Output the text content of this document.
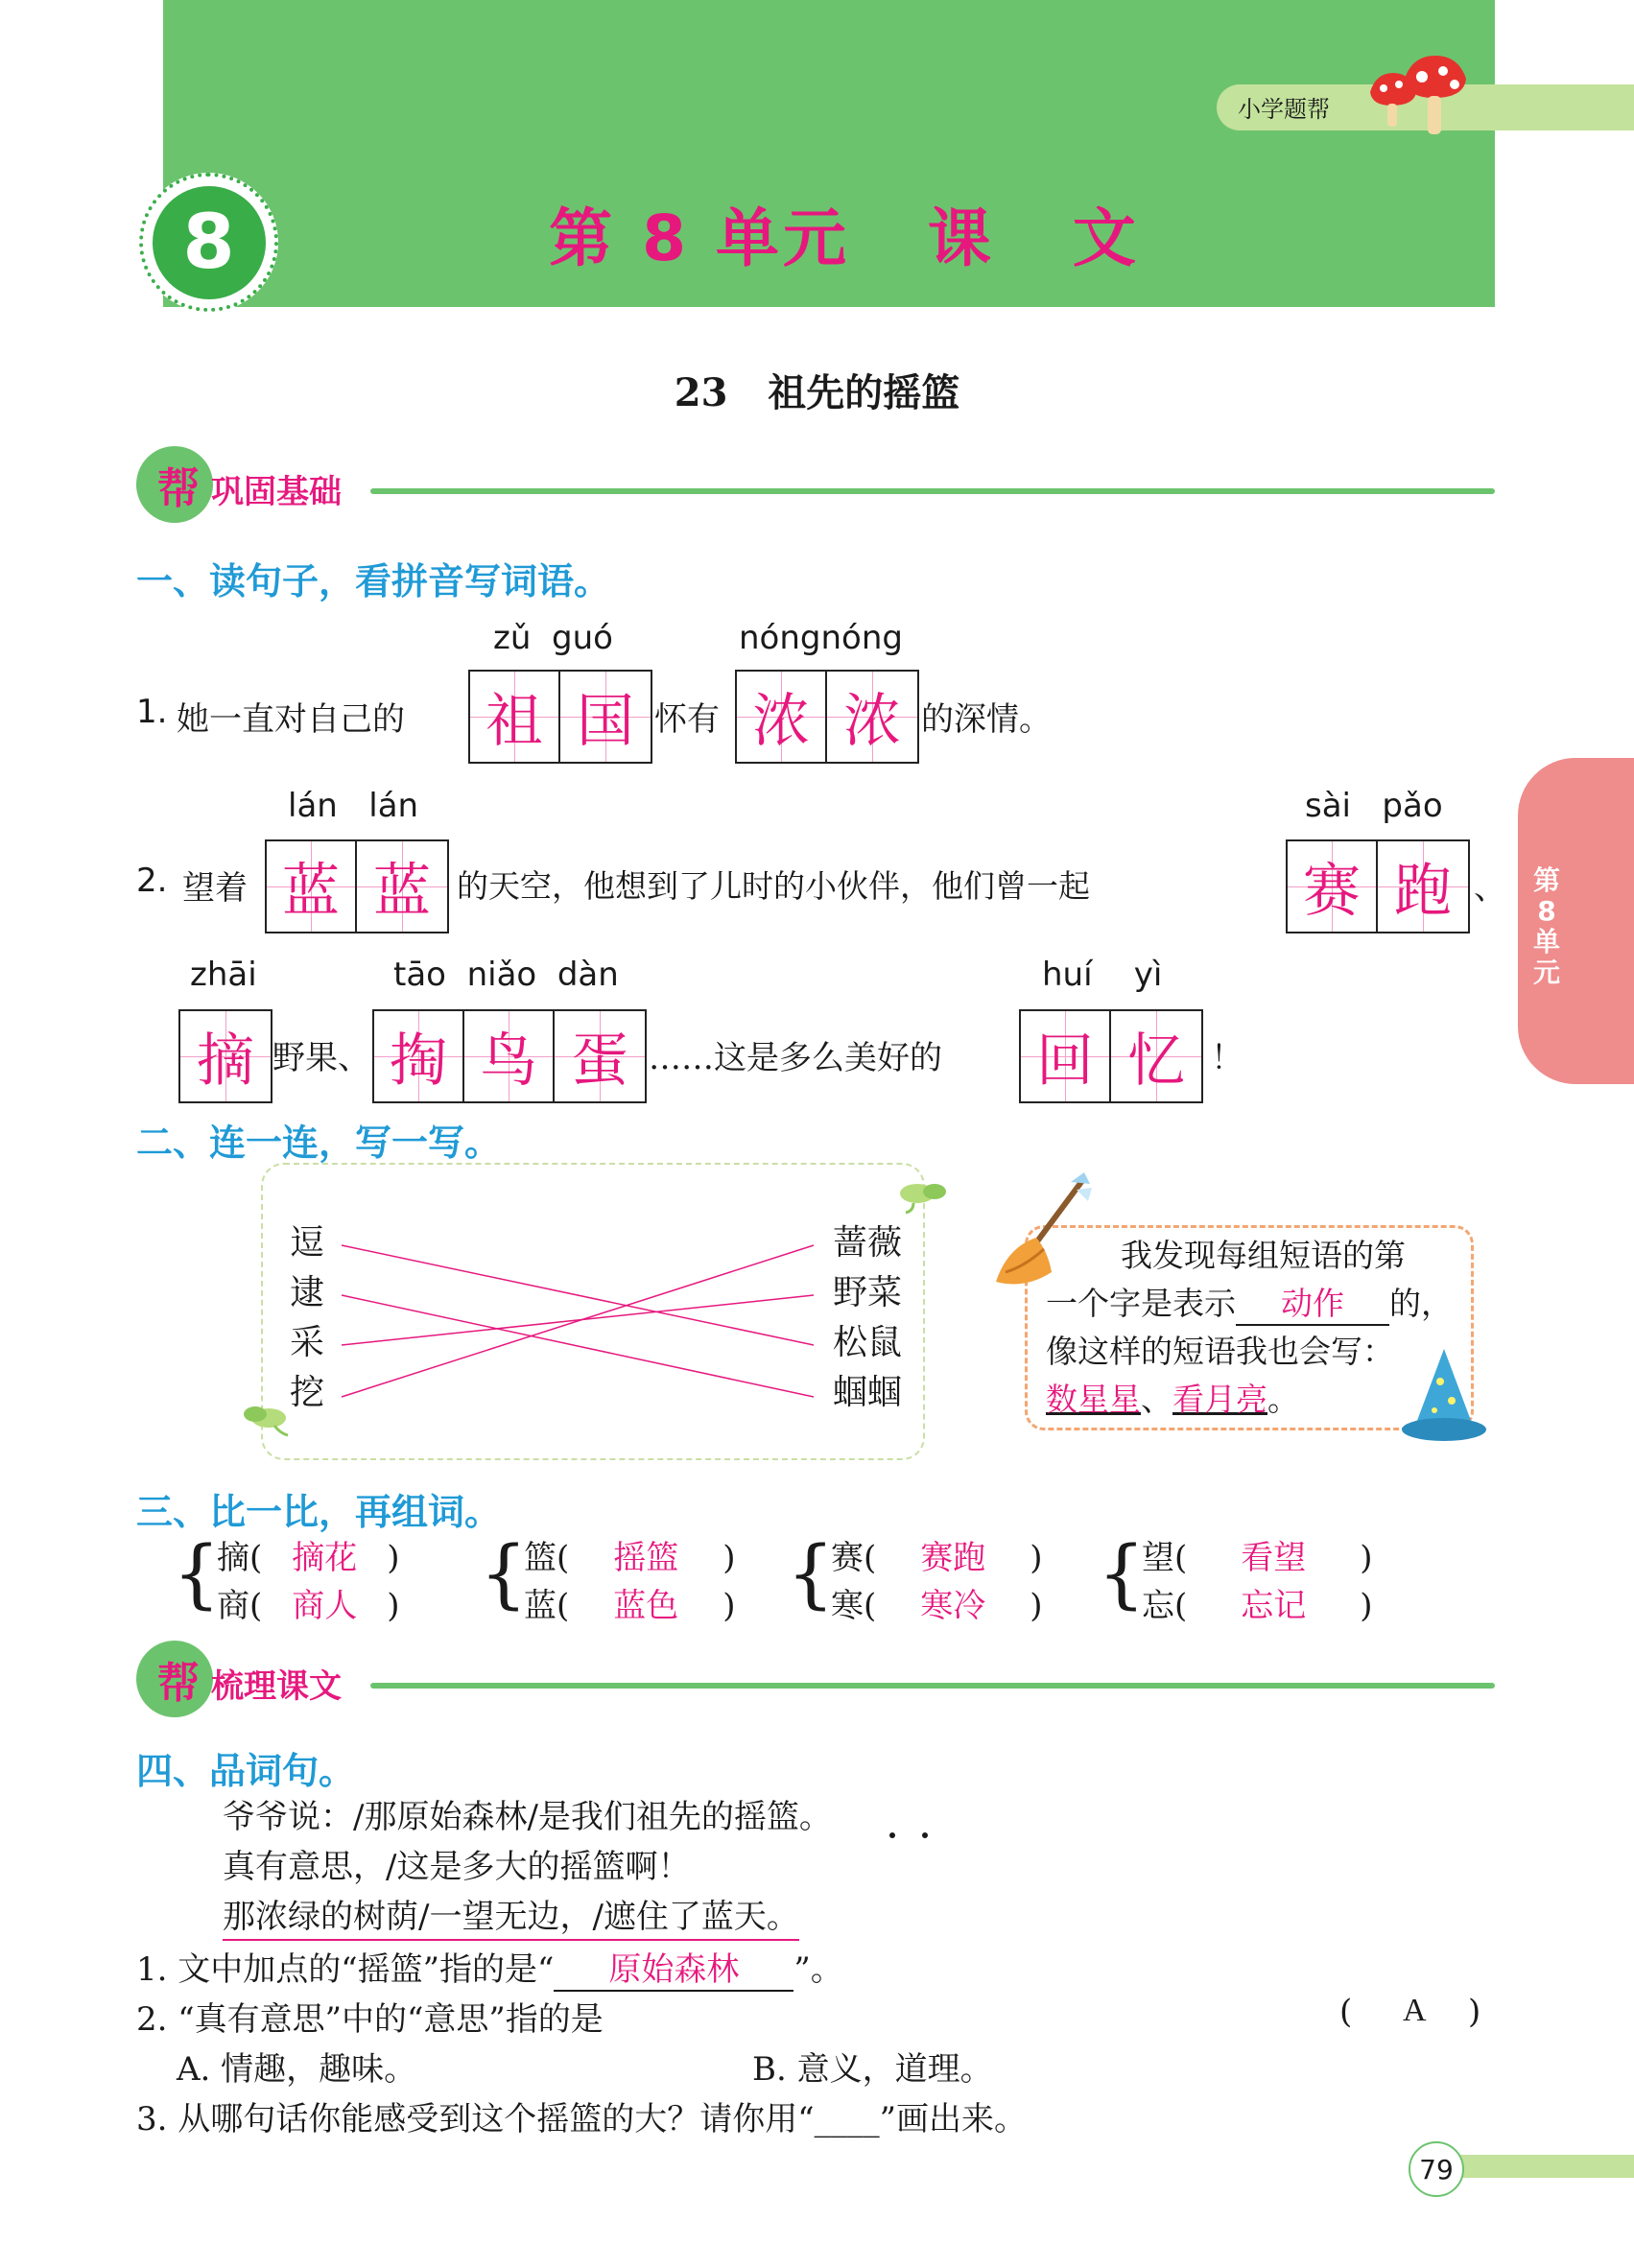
8	第 8 单元   课   文
小学题帮
23   祖先的摇篮
帮 巩固基础
一、读句子，看拼音写词语。
zǔ  guó	nóngnóng
1. 她一直对自己的 祖 国 怀有 浓 浓 的深情。
lán   lán	sài   pǎo
2. 望着 蓝 蓝 的天空，他想到了儿时的小伙伴，他们曾一起	赛 跑 、
zhāi	tāo  niǎo  dàn	huí    yì
摘 野果、 掏 鸟 蛋 ……这是多么美好的 回 忆 ！
二、连一连，写一写。
逗
逮
采
挖
蔷薇
野菜
松鼠
蝈蝈
我发现每组短语的第
一个字是表示 动作 的，
像这样的短语我也会写：
数星星、看月亮。
三、比一比，再组词。
{
摘( 摘花 )
商( 商人 ) {
篮( 摇篮 )
蓝( 蓝色 ) {
赛( 赛跑 )
寒( 寒冷 ) {
望( 看望 )
忘( 忘记 )
帮 梳理课文
四、品词句。
爷爷说：/那原始森林/是我们祖先的摇篮。
真有意思，/这是多大的摇篮啊！
那浓绿的树荫/一望无边，/遮住了蓝天。
1. 文中加点的“摇篮”指的是“ 原始森林 ”。
2. “真有意思”中的“意思”指的是	( A )
A. 情趣，趣味。	B. 意义，道理。
3. 从哪句话你能感受到这个摇篮的大？请你用“____”画出来。
第
8
单
元
79
